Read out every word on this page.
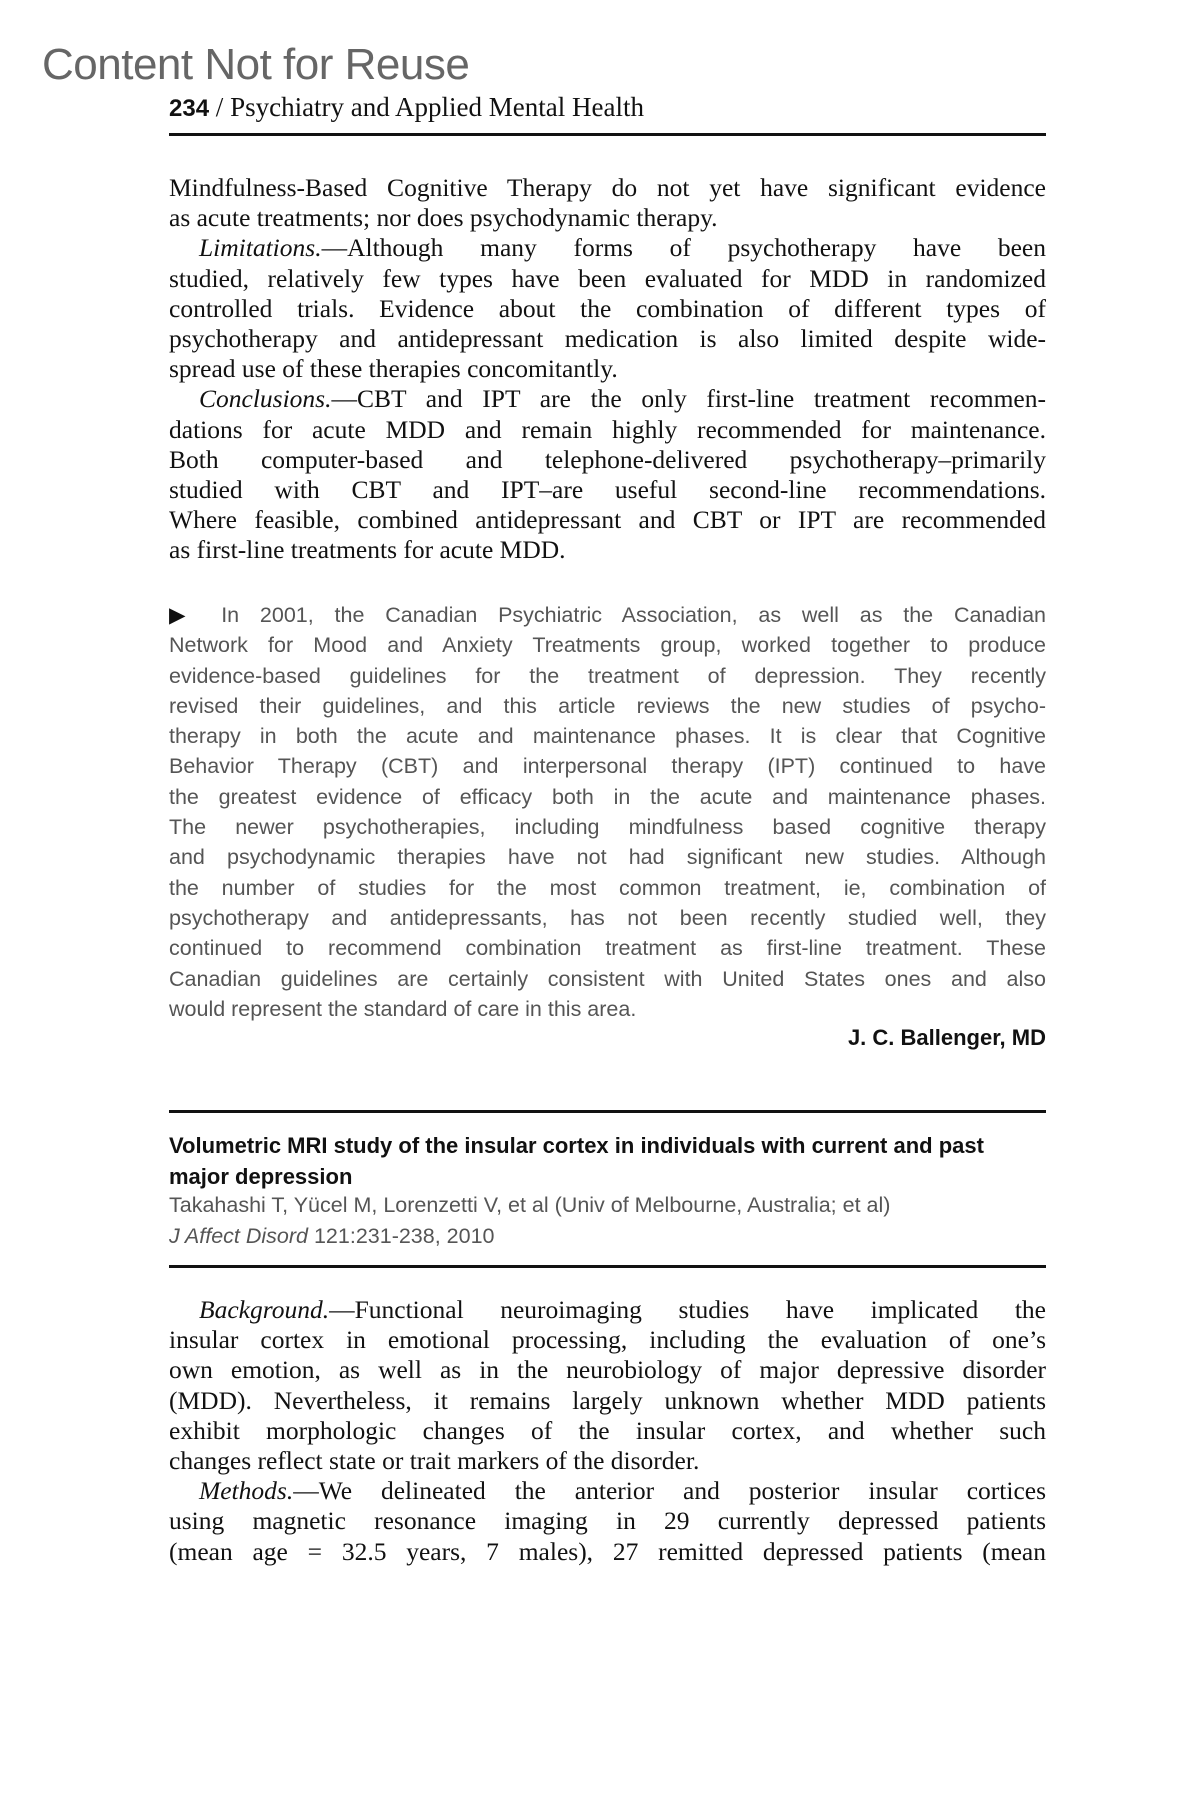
Content Not for Reuse
234 / Psychiatry and Applied Mental Health
Mindfulness-Based Cognitive Therapy do not yet have significant evidence
as acute treatments; nor does psychodynamic therapy.
Limitations.—Although many forms of psychotherapy have been
studied, relatively few types have been evaluated for MDD in randomized
controlled trials. Evidence about the combination of different types of
psychotherapy and antidepressant medication is also limited despite wide-
spread use of these therapies concomitantly.
Conclusions.—CBT and IPT are the only first-line treatment recommen-
dations for acute MDD and remain highly recommended for maintenance.
Both computer-based and telephone-delivered psychotherapy–primarily
studied with CBT and IPT–are useful second-line recommendations.
Where feasible, combined antidepressant and CBT or IPT are recommended
as first-line treatments for acute MDD.
▶ In 2001, the Canadian Psychiatric Association, as well as the Canadian
Network for Mood and Anxiety Treatments group, worked together to produce
evidence-based guidelines for the treatment of depression. They recently
revised their guidelines, and this article reviews the new studies of psycho-
therapy in both the acute and maintenance phases. It is clear that Cognitive
Behavior Therapy (CBT) and interpersonal therapy (IPT) continued to have
the greatest evidence of efficacy both in the acute and maintenance phases.
The newer psychotherapies, including mindfulness based cognitive therapy
and psychodynamic therapies have not had significant new studies. Although
the number of studies for the most common treatment, ie, combination of
psychotherapy and antidepressants, has not been recently studied well, they
continued to recommend combination treatment as first-line treatment. These
Canadian guidelines are certainly consistent with United States ones and also
would represent the standard of care in this area.
J. C. Ballenger, MD
Volumetric MRI study of the insular cortex in individuals with current and past major depression
Takahashi T, Yücel M, Lorenzetti V, et al (Univ of Melbourne, Australia; et al)
J Affect Disord 121:231-238, 2010
Background.—Functional neuroimaging studies have implicated the
insular cortex in emotional processing, including the evaluation of one’s
own emotion, as well as in the neurobiology of major depressive disorder
(MDD). Nevertheless, it remains largely unknown whether MDD patients
exhibit morphologic changes of the insular cortex, and whether such
changes reflect state or trait markers of the disorder.
Methods.—We delineated the anterior and posterior insular cortices
using magnetic resonance imaging in 29 currently depressed patients
(mean age = 32.5 years, 7 males), 27 remitted depressed patients (mean
